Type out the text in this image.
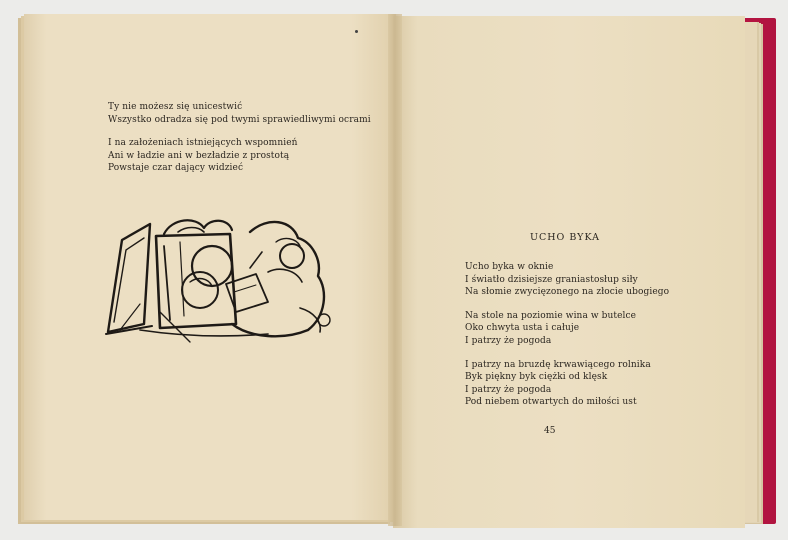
Ty nie możesz się unicestwić
Wszystko odradza się pod twymi sprawiedliwymi ocrami
I na założeniach istniejących wspomnień
Ani w ładzie ani w bezładzie z prostotą
Powstaje czar dający widzieć
UCHO BYKA
Ucho byka w oknie
I światło dzisiejsze graniastosłup siły
Na słomie zwycięzonego na złocie ubogiego
Na stole na poziomie wina w butelce
Oko chwyta usta i całuje
I patrzy że pogoda
I patrzy na bruzdę krwawiącego rolnika
Byk piękny byk ciężki od klęsk
I patrzy że pogoda
Pod niebem otwartych do miłości ust
45
